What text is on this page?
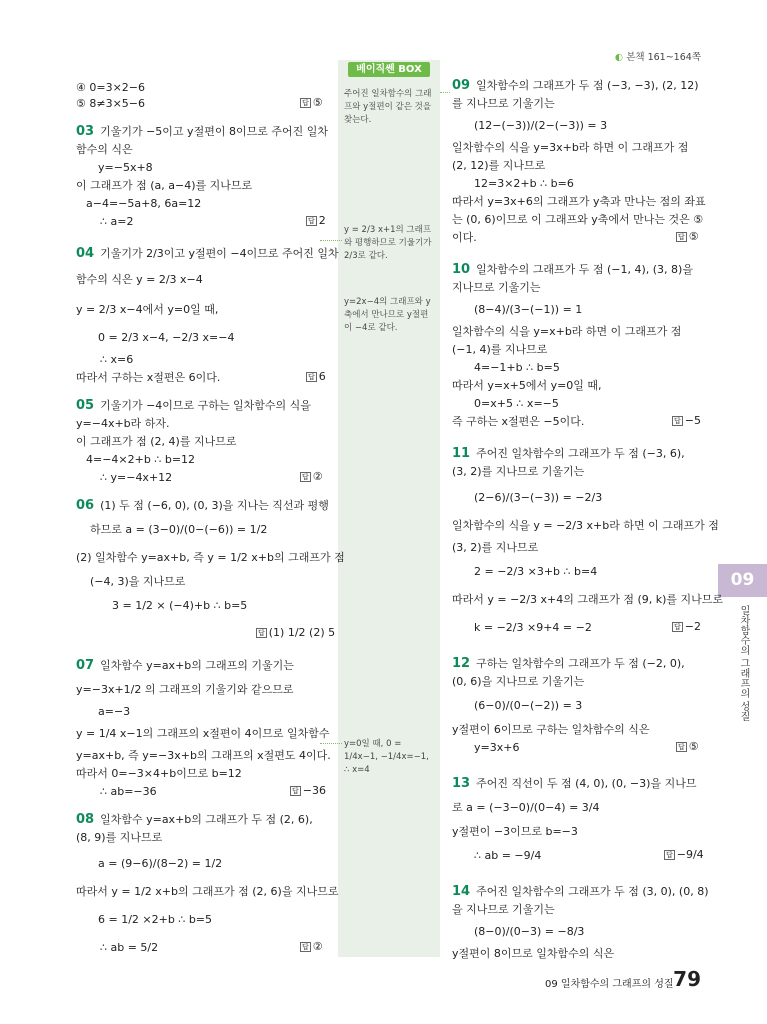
◐ 본책 161~164쪽
베이직쎈 BOX
주어진 일차함수의 그래프와 y절편이 같은 것을 찾는다.
y = 2/3 x+1의 그래프와 평행하므로 기울기가 2/3로 같다.
y=2x−4의 그래프와 y축에서 만나므로 y절편이 −4로 같다.
y=0일 때, 0 = 1/4x−1, −1/4x=−1, ∴ x=4
09
일차함수의 그래프의 성질
09 일차함수의 그래프의 성질 79
④ 0=3×2−6
⑤ 8≠3×5−6	답 ⑤
03 기울기가 −5이고 y절편이 8이므로 주어진 일차
함수의 식은
y=−5x+8
이 그래프가 점 (a, a−4)를 지나므로
a−4=−5a+8, 6a=12
∴ a=2	답 2
04 기울기가 2/3이고 y절편이 −4이므로 주어진 일차
함수의 식은 y = 2/3 x−4
y = 2/3 x−4에서 y=0일 때,
0 = 2/3 x−4, −2/3 x=−4
∴ x=6
따라서 구하는 x절편은 6이다.	답 6
05 기울기가 −4이므로 구하는 일차함수의 식을
y=−4x+b라 하자.
이 그래프가 점 (2, 4)를 지나므로
4=−4×2+b ∴ b=12
∴ y=−4x+12	답 ②
06 (1) 두 점 (−6, 0), (0, 3)을 지나는 직선과 평행
하므로 a = (3−0)/(0−(−6)) = 1/2
(2) 일차함수 y=ax+b, 즉 y = 1/2 x+b의 그래프가 점
(−4, 3)을 지나므로
3 = 1/2 × (−4)+b ∴ b=5
답 (1) 1/2 (2) 5
07 일차함수 y=ax+b의 그래프의 기울기는
y=−3x+1/2 의 그래프의 기울기와 같으므로
a=−3
y = 1/4 x−1의 그래프의 x절편이 4이므로 일차함수
y=ax+b, 즉 y=−3x+b의 그래프의 x절편도 4이다.
따라서 0=−3×4+b이므로 b=12
∴ ab=−36	답 −36
08 일차함수 y=ax+b의 그래프가 두 점 (2, 6),
(8, 9)를 지나므로
a = (9−6)/(8−2) = 1/2
따라서 y = 1/2 x+b의 그래프가 점 (2, 6)을 지나므로
6 = 1/2 ×2+b ∴ b=5
∴ ab = 5/2	답 ②
09 일차함수의 그래프가 두 점 (−3, −3), (2, 12)
를 지나므로 기울기는
(12−(−3))/(2−(−3)) = 3
일차함수의 식을 y=3x+b라 하면 이 그래프가 점
(2, 12)를 지나므로
12=3×2+b ∴ b=6
따라서 y=3x+6의 그래프가 y축과 만나는 점의 좌표
는 (0, 6)이므로 이 그래프와 y축에서 만나는 것은 ⑤
이다.	답 ⑤
10 일차함수의 그래프가 두 점 (−1, 4), (3, 8)을
지나므로 기울기는
(8−4)/(3−(−1)) = 1
일차함수의 식을 y=x+b라 하면 이 그래프가 점
(−1, 4)를 지나므로
4=−1+b ∴ b=5
따라서 y=x+5에서 y=0일 때,
0=x+5 ∴ x=−5
즉 구하는 x절편은 −5이다.	답 −5
11 주어진 일차함수의 그래프가 두 점 (−3, 6),
(3, 2)를 지나므로 기울기는
(2−6)/(3−(−3)) = −2/3
일차함수의 식을 y = −2/3 x+b라 하면 이 그래프가 점
(3, 2)를 지나므로
2 = −2/3 ×3+b ∴ b=4
따라서 y = −2/3 x+4의 그래프가 점 (9, k)를 지나므로
k = −2/3 ×9+4 = −2	답 −2
12 구하는 일차함수의 그래프가 두 점 (−2, 0),
(0, 6)을 지나므로 기울기는
(6−0)/(0−(−2)) = 3
y절편이 6이므로 구하는 일차함수의 식은
y=3x+6	답 ⑤
13 주어진 직선이 두 점 (4, 0), (0, −3)을 지나므
로 a = (−3−0)/(0−4) = 3/4
y절편이 −3이므로 b=−3
∴ ab = −9/4	답 −9/4
14 주어진 일차함수의 그래프가 두 점 (3, 0), (0, 8)
을 지나므로 기울기는
(8−0)/(0−3) = −8/3
y절편이 8이므로 일차함수의 식은
